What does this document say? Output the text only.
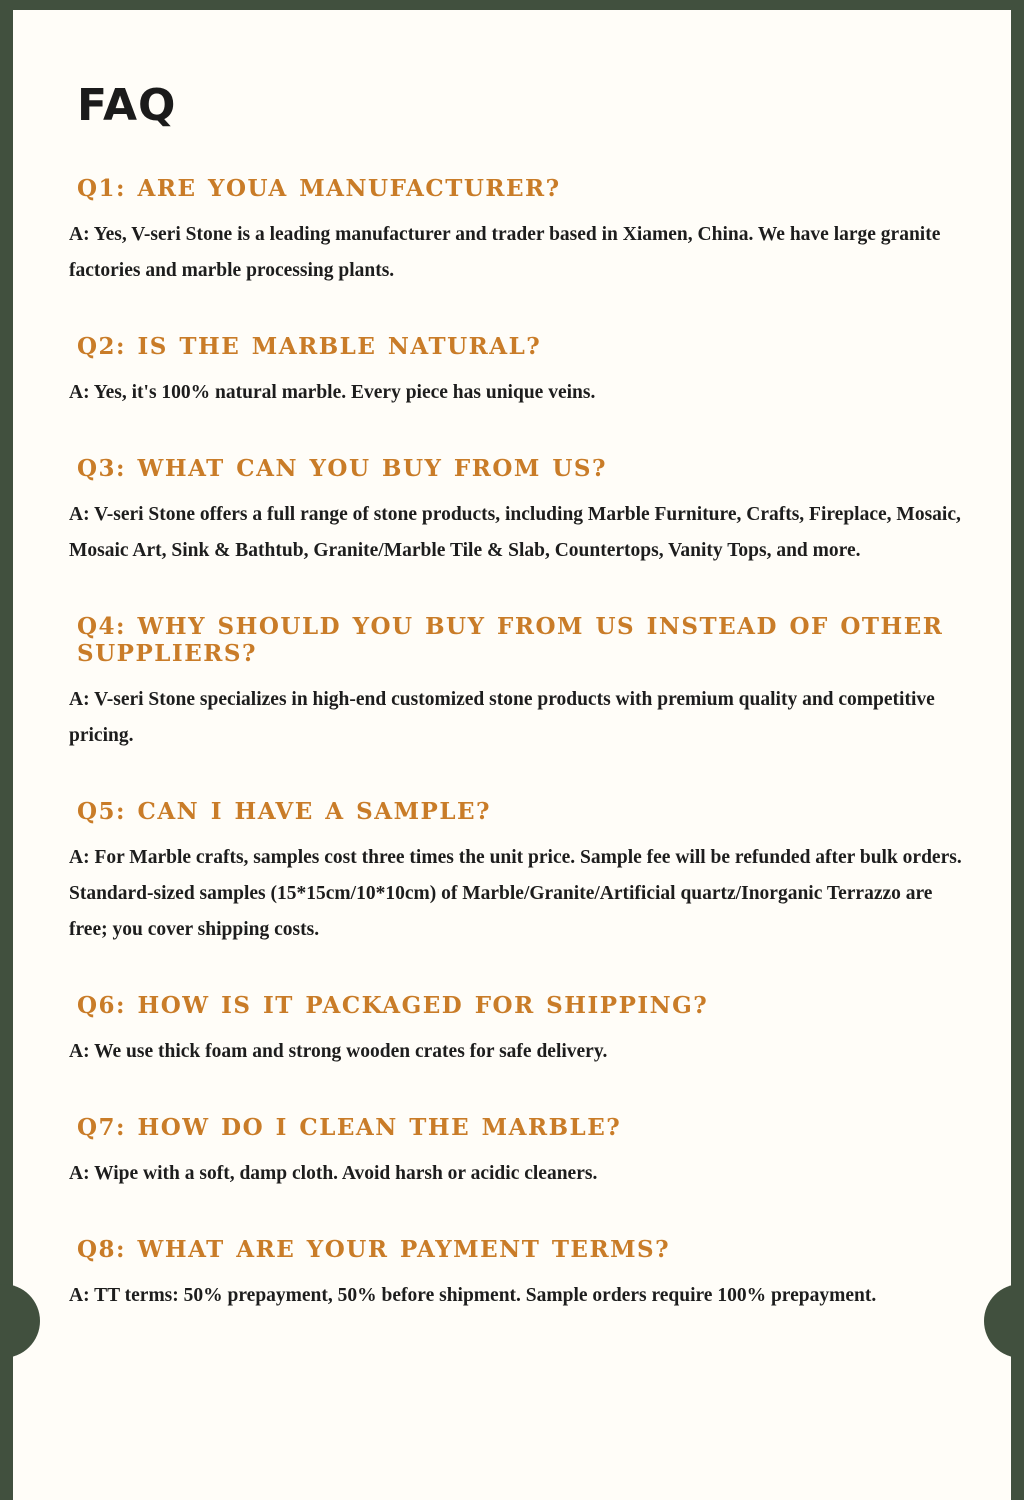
FAQ
Q1: ARE YOUA MANUFACTURER?

A: Yes, V-seri Stone is a leading manufacturer and trader based in Xiamen, China. We have large granite factories and marble processing plants.

Q2: IS THE MARBLE NATURAL?

A: Yes, it's 100% natural marble. Every piece has unique veins.

Q3: WHAT CAN YOU BUY FROM US?

A: V-seri Stone offers a full range of stone products, including Marble Furniture, Crafts, Fireplace, Mosaic, Mosaic Art, Sink & Bathtub, Granite/Marble Tile & Slab, Countertops, Vanity Tops, and more.

Q4: WHY SHOULD YOU BUY FROM US INSTEAD OF OTHER SUPPLIERS?

A: V-seri Stone specializes in high-end customized stone products with premium quality and competitive pricing.

Q5: CAN I HAVE A SAMPLE?

A: For Marble crafts, samples cost three times the unit price. Sample fee will be refunded after bulk orders. Standard-sized samples (15*15cm/10*10cm) of Marble/Granite/Artificial quartz/Inorganic Terrazzo are free; you cover shipping costs.

Q6: HOW IS IT PACKAGED FOR SHIPPING?

A: We use thick foam and strong wooden crates for safe delivery.

Q7: HOW DO I CLEAN THE MARBLE?

A: Wipe with a soft, damp cloth. Avoid harsh or acidic cleaners.

Q8: WHAT ARE YOUR PAYMENT TERMS?

A: TT terms: 50% prepayment, 50% before shipment. Sample orders require 100% prepayment.
